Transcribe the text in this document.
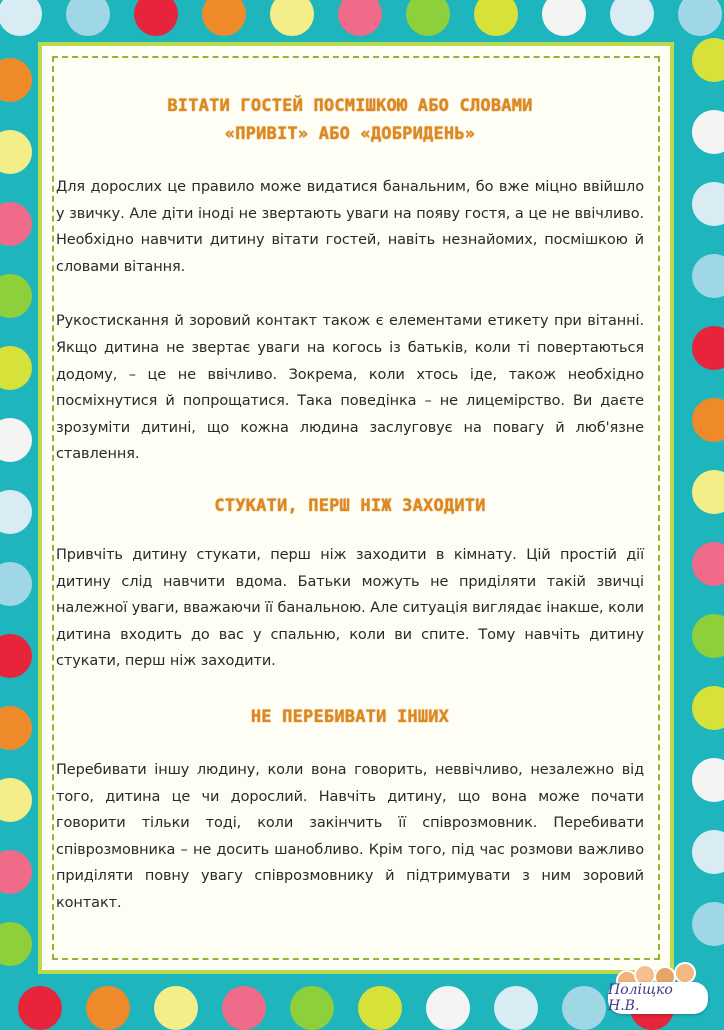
ВІТАТИ ГОСТЕЙ ПОСМІШКОЮ АБО СЛОВАМИ
«ПРИВІТ» АБО «ДОБРИДЕНЬ»

Для дорослих це правило може видатися банальним, бо вже міцно ввійшло у звичку. Але діти іноді не звертають уваги на появу гостя, а це не ввічливо. Необхідно навчити дитину вітати гостей, навіть незнайомих, посмішкою й словами вітання.

Рукостискання й зоровий контакт також є елементами етикету при вітанні. Якщо дитина не звертає уваги на когось із батьків, коли ті повертаються додому, – це не ввічливо. Зокрема, коли хтось іде, також необхідно посміхнутися й попрощатися. Така поведінка – не лицемірство. Ви даєте зрозуміти дитині, що кожна людина заслуговує на повагу й люб'язне ставлення.

СТУКАТИ, ПЕРШ НІЖ ЗАХОДИТИ

Привчіть дитину стукати, перш ніж заходити в кімнату. Цій простій дії дитину слід навчити вдома. Батьки можуть не приділяти такій звичці належної уваги, вважаючи її банальною. Але ситуація виглядає інакше, коли дитина входить до вас у спальню, коли ви спите. Тому навчіть дитину стукати, перш ніж заходити.

НЕ ПЕРЕБИВАТИ ІНШИХ

Перебивати іншу людину, коли вона говорить, неввічливо, незалежно від того, дитина це чи дорослий. Навчіть дитину, що вона може почати говорити тільки тоді, коли закінчить її співрозмовник. Перебивати співрозмовника – не досить шанобливо. Крім того, під час розмови важливо приділяти повну увагу співрозмовнику й підтримувати з ним зоровий контакт.

Поліщко Н.В.
